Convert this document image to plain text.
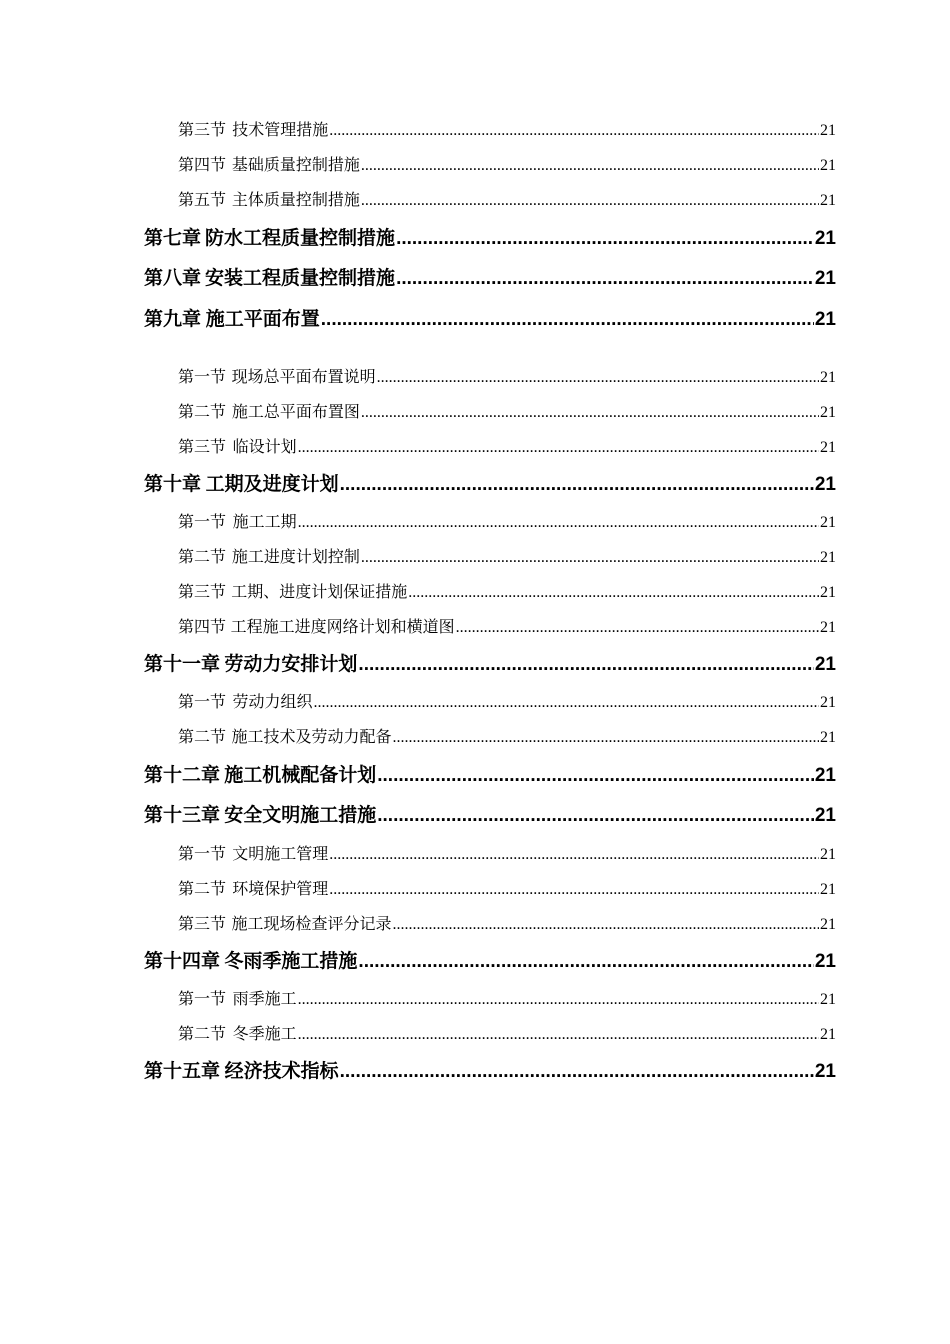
第三节 技术管理措施 .....	21
第四节 基础质量控制措施 .....	21
第五节 主体质量控制措施 .....	21
第七章 防水工程质量控制措施 .....	21
第八章 安装工程质量控制措施 .....	21
第九章 施工平面布置 .....	21
第一节 现场总平面布置说明 .....	21
第二节 施工总平面布置图 .....	21
第三节 临设计划 .....	21
第十章 工期及进度计划 .....	21
第一节 施工工期 .....	21
第二节 施工进度计划控制 .....	21
第三节 工期、进度计划保证措施 .....	21
第四节 工程施工进度网络计划和横道图 .....	21
第十一章 劳动力安排计划 .....	21
第一节 劳动力组织 .....	21
第二节 施工技术及劳动力配备 .....	21
第十二章 施工机械配备计划 .....	21
第十三章 安全文明施工措施 .....	21
第一节 文明施工管理 .....	21
第二节 环境保护管理 .....	21
第三节 施工现场检查评分记录 .....	21
第十四章 冬雨季施工措施 .....	21
第一节 雨季施工 .....	21
第二节 冬季施工 .....	21
第十五章 经济技术指标 .....	21
